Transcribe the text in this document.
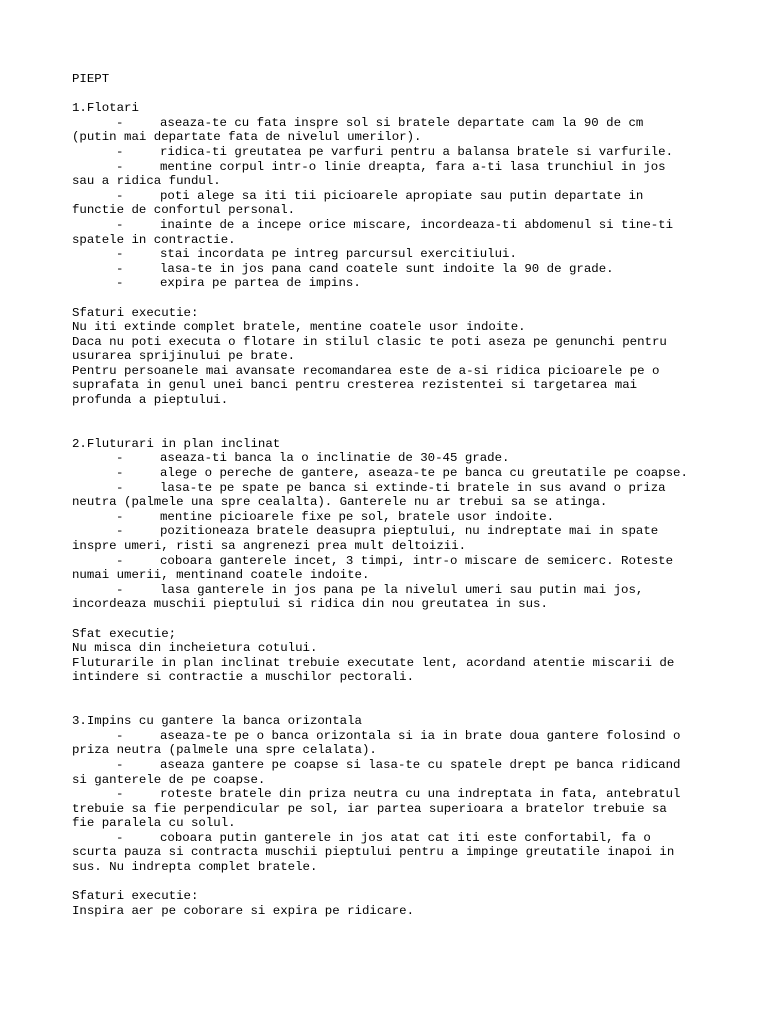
PIEPT
1.Flotari
-	aseaza-te cu fata inspre sol si bratele departate cam la 90 de cm
(putin mai departate fata de nivelul umerilor).
-	ridica-ti greutatea pe varfuri pentru a balansa bratele si varfurile.
-	mentine corpul intr-o linie dreapta, fara a-ti lasa trunchiul in jos
sau a ridica fundul.
-	poti alege sa iti tii picioarele apropiate sau putin departate in
functie de confortul personal.
-	inainte de a incepe orice miscare, incordeaza-ti abdomenul si tine-ti
spatele in contractie.
-	stai incordata pe intreg parcursul exercitiului.
-	lasa-te in jos pana cand coatele sunt indoite la 90 de grade.
-	expira pe partea de impins.
Sfaturi executie:
Nu iti extinde complet bratele, mentine coatele usor indoite.
Daca nu poti executa o flotare in stilul clasic te poti aseza pe genunchi pentru
usurarea sprijinului pe brate.
Pentru persoanele mai avansate recomandarea este de a-si ridica picioarele pe o
suprafata in genul unei banci pentru cresterea rezistentei si targetarea mai
profunda a pieptului.
2.Fluturari in plan inclinat
-	aseaza-ti banca la o inclinatie de 30-45 grade.
-	alege o pereche de gantere, aseaza-te pe banca cu greutatile pe coapse.
-	lasa-te pe spate pe banca si extinde-ti bratele in sus avand o priza
neutra (palmele una spre cealalta). Ganterele nu ar trebui sa se atinga.
-	mentine picioarele fixe pe sol, bratele usor indoite.
-	pozitioneaza bratele deasupra pieptului, nu indreptate mai in spate
inspre umeri, risti sa angrenezi prea mult deltoizii.
-	coboara ganterele incet, 3 timpi, intr-o miscare de semicerc. Roteste
numai umerii, mentinand coatele indoite.
-	lasa ganterele in jos pana pe la nivelul umeri sau putin mai jos,
incordeaza muschii pieptului si ridica din nou greutatea in sus.
Sfat executie;
Nu misca din incheietura cotului.
Fluturarile in plan inclinat trebuie executate lent, acordand atentie miscarii de
intindere si contractie a muschilor pectorali.
3.Impins cu gantere la banca orizontala
-	aseaza-te pe o banca orizontala si ia in brate doua gantere folosind o
priza neutra (palmele una spre celalata).
-	aseaza gantere pe coapse si lasa-te cu spatele drept pe banca ridicand
si ganterele de pe coapse.
-	roteste bratele din priza neutra cu una indreptata in fata, antebratul
trebuie sa fie perpendicular pe sol, iar partea superioara a bratelor trebuie sa
fie paralela cu solul.
-	coboara putin ganterele in jos atat cat iti este confortabil, fa o
scurta pauza si contracta muschii pieptului pentru a impinge greutatile inapoi in
sus. Nu indrepta complet bratele.
Sfaturi executie:
Inspira aer pe coborare si expira pe ridicare.
